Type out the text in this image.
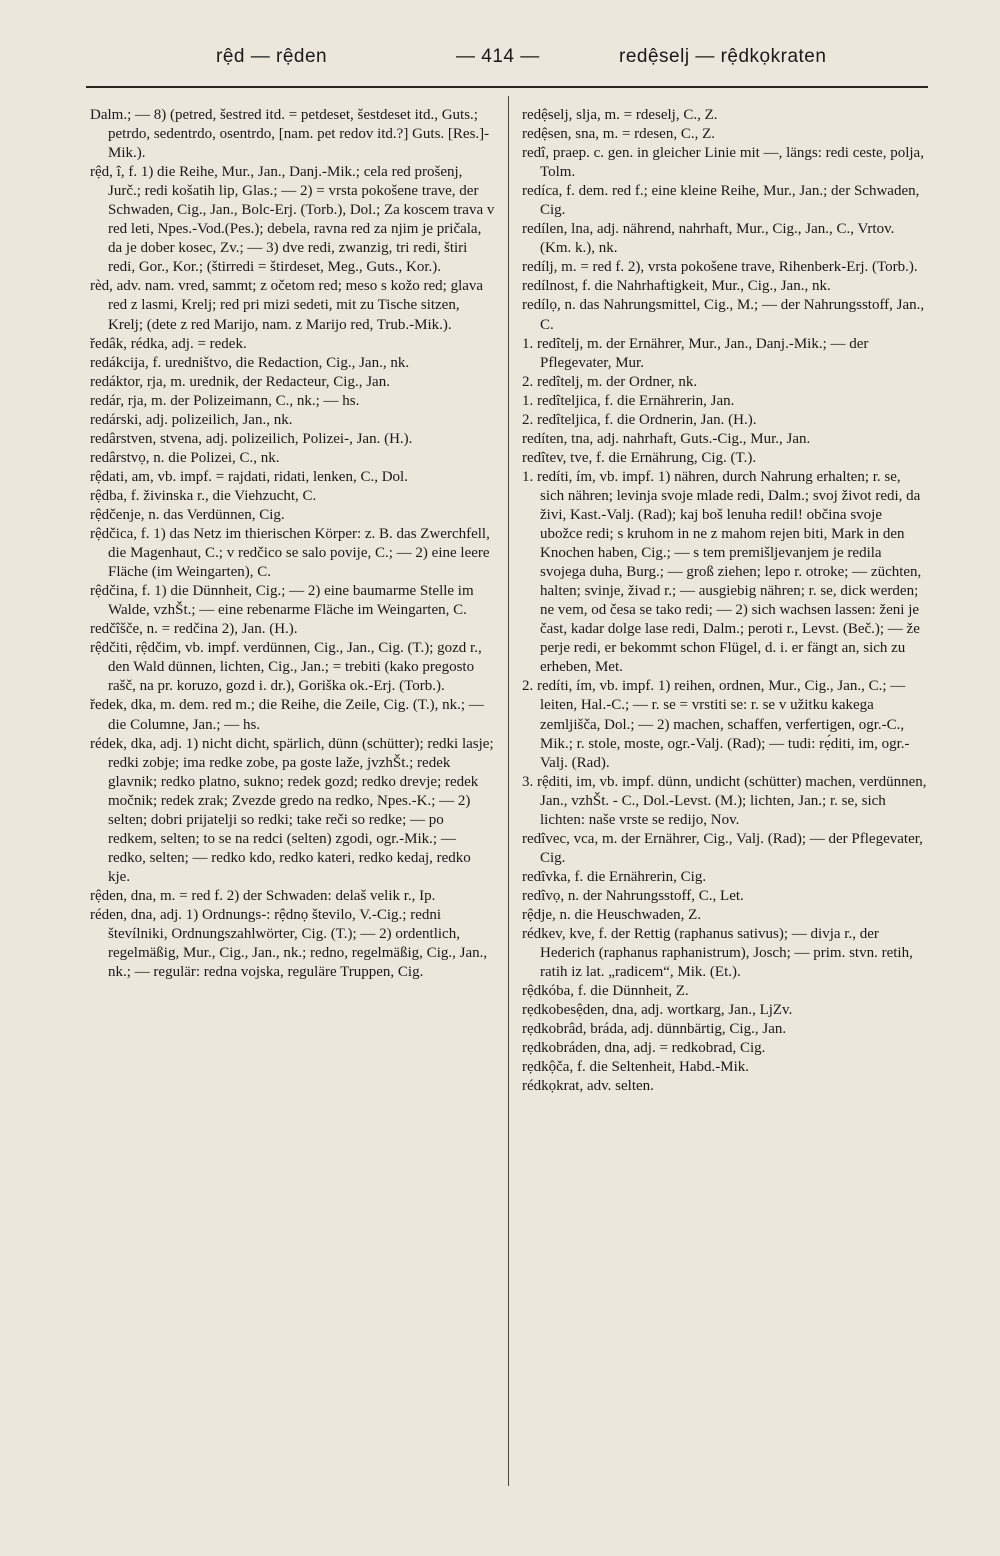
rệd — rệden	— 414 —	redệselj — rệdkọkraten

Dalm.; — 8) (petred, šestred itd. = petdeset, šestdeset itd., Guts.; petrdo, sedentrdo, osentrdo, [nam. pet redov itd.?] Guts. [Res.]-Mik.).

rệd, î, f. 1) die Reihe, Mur., Jan., Danj.-Mik.; cela red prošenj, Jurč.; redi košatih lip, Glas.; — 2) = vrsta pokošene trave, der Schwaden, Cig., Jan., Bolc-Erj. (Torb.), Dol.; Za koscem trava v red leti, Npes.-Vod.(Pes.); debela, ravna red za njim je pričala, da je dober kosec, Zv.; — 3) dve redi, zwanzig, tri redi, štiri redi, Gor., Kor.; (štirredi = štirdeset, Meg., Guts., Kor.).

rèd, adv. nam. vred, sammt; z očetom red; meso s kožo red; glava red z lasmi, Krelj; red pri mizi sedeti, mit zu Tische sitzen, Krelj; (dete z red Marijo, nam. z Marijo red, Trub.-Mik.).

ředâk, rédka, adj. = redek.

redákcija, f. uredništvo, die Redaction, Cig., Jan., nk.

redáktor, rja, m. urednik, der Redacteur, Cig., Jan.

redár, rja, m. der Polizeimann, C., nk.; — hs.

redárski, adj. polizeilich, Jan., nk.

redârstven, stvena, adj. polizeilich, Polizei-, Jan. (H.).

redârstvọ, n. die Polizei, C., nk.

rệdati, am, vb. impf. = rajdati, ridati, lenken, C., Dol.

rệdba, f. živinska r., die Viehzucht, C.

rệdčenje, n. das Verdünnen, Cig.

rệdčica, f. 1) das Netz im thierischen Körper: z. B. das Zwerchfell, die Magenhaut, C.; v redčico se salo povije, C.; — 2) eine leere Fläche (im Weingarten), C.

rệdčina, f. 1) die Dünnheit, Cig.; — 2) eine baumarme Stelle im Walde, vzhŠt.; — eine rebenarme Fläche im Weingarten, C.

redčîšče, n. = redčina 2), Jan. (H.).

rệdčiti, rệdčim, vb. impf. verdünnen, Cig., Jan., Cig. (T.); gozd r., den Wald dünnen, lichten, Cig., Jan.; = trebiti (kako pregosto rašč, na pr. koruzo, gozd i. dr.), Goriška ok.-Erj. (Torb.).

ředek, dka, m. dem. red m.; die Reihe, die Zeile, Cig. (T.), nk.; — die Columne, Jan.; — hs.

rédek, dka, adj. 1) nicht dicht, spärlich, dünn (schütter); redki lasje; redki zobje; ima redke zobe, pa goste laže, jvzhŠt.; redek glavnik; redko platno, sukno; redek gozd; redko drevje; redek močnik; redek zrak; Zvezde gredo na redko, Npes.-K.; — 2) selten; dobri prijatelji so redki; take reči so redke; — po redkem, selten; to se na redci (selten) zgodi, ogr.-Mik.; — redko, selten; — redko kdo, redko kateri, redko kedaj, redko kje.

rệden, dna, m. = red f. 2) der Schwaden: delaš velik r., Ip.

réden, dna, adj. 1) Ordnungs-: rệdnọ število, V.-Cig.; redni števílniki, Ordnungszahlwörter, Cig. (T.); — 2) ordentlich, regelmäßig, Mur., Cig., Jan., nk.; redno, regelmäßig, Cig., Jan., nk.; — regulär: redna vojska, reguläre Truppen, Cig.

redệselj, slja, m. = rdeselj, C., Z.

redệsen, sna, m. = rdesen, C., Z.

redî, praep. c. gen. in gleicher Linie mit —, längs: redi ceste, polja, Tolm.

redíca, f. dem. red f.; eine kleine Reihe, Mur., Jan.; der Schwaden, Cig.

redílen, lna, adj. nährend, nahrhaft, Mur., Cig., Jan., C., Vrtov. (Km. k.), nk.

redílj, m. = red f. 2), vrsta pokošene trave, Rihenberk-Erj. (Torb.).

redílnost, f. die Nahrhaftigkeit, Mur., Cig., Jan., nk.

redílọ, n. das Nahrungsmittel, Cig., M.; — der Nahrungsstoff, Jan., C.

1. redîtelj, m. der Ernährer, Mur., Jan., Danj.-Mik.; — der Pflegevater, Mur.

2. redîtelj, m. der Ordner, nk.

1. redîteljica, f. die Ernährerin, Jan.

2. redîteljica, f. die Ordnerin, Jan. (H.).

redíten, tna, adj. nahrhaft, Guts.-Cig., Mur., Jan.

redîtev, tve, f. die Ernährung, Cig. (T.).

1. redíti, ím, vb. impf. 1) nähren, durch Nahrung erhalten; r. se, sich nähren; levinja svoje mlade redi, Dalm.; svoj život redi, da živi, Kast.-Valj. (Rad); kaj boš lenuha redil! občina svoje ubožce redi; s kruhom in ne z mahom rejen biti, Mark in den Knochen haben, Cig.; — s tem premišljevanjem je redila svojega duha, Burg.; — groß ziehen; lepo r. otroke; — züchten, halten; svinje, živad r.; — ausgiebig nähren; r. se, dick werden; ne vem, od česa se tako redi; — 2) sich wachsen lassen: ženi je čast, kadar dolge lase redi, Dalm.; peroti r., Levst. (Beč.); — že perje redi, er bekommt schon Flügel, d. i. er fängt an, sich zu erheben, Met.

2. redíti, ím, vb. impf. 1) reihen, ordnen, Mur., Cig., Jan., C.; — leiten, Hal.-C.; — r. se = vrstiti se: r. se v užitku kakega zemljišča, Dol.; — 2) machen, schaffen, verfertigen, ogr.-C., Mik.; r. stole, moste, ogr.-Valj. (Rad); — tudi: rẹ́diti, im, ogr.-Valj. (Rad).

3. rệditi, im, vb. impf. dünn, undicht (schütter) machen, verdünnen, Jan., vzhŠt. - C., Dol.-Levst. (M.); lichten, Jan.; r. se, sich lichten: naše vrste se redijo, Nov.

redîvec, vca, m. der Ernährer, Cig., Valj. (Rad); — der Pflegevater, Cig.

redîvka, f. die Ernährerin, Cig.

redîvọ, n. der Nahrungsstoff, C., Let.

rệdje, n. die Heuschwaden, Z.

rédkev, kve, f. der Rettig (raphanus sativus); — divja r., der Hederich (raphanus raphanistrum), Josch; — prim. stvn. retih, ratih iz lat. „radicem“, Mik. (Et.).

rệdkóba, f. die Dünnheit, Z.

rẹdkobesệden, dna, adj. wortkarg, Jan., LjZv.

rẹdkobrâd, bráda, adj. dünnbärtig, Cig., Jan.

rẹdkobráden, dna, adj. = redkobrad, Cig.

rẹdkộča, f. die Seltenheit, Habd.-Mik.

rédkọkrat, adv. selten.
